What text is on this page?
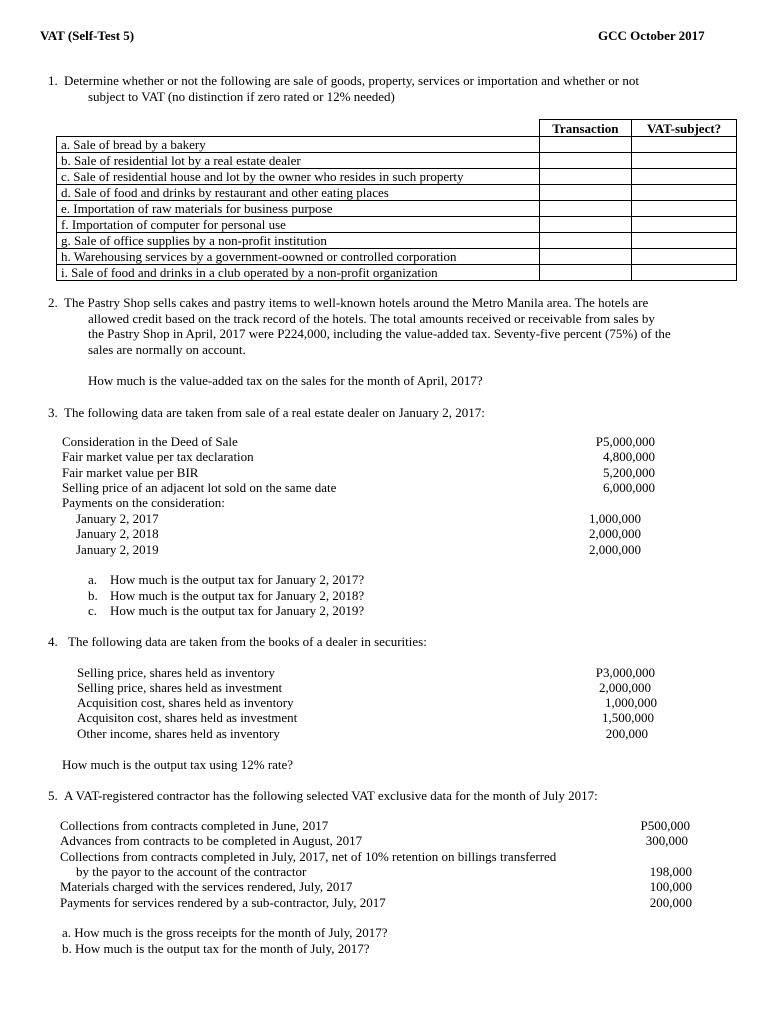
VAT (Self-Test 5)	GCC October 2017
1. Determine whether or not the following are sale of goods, property, services or importation and whether or not
subject to VAT (no distinction if zero rated or 12% needed)
	Transaction	VAT-subject?
a. Sale of bread by a bakery		
b. Sale of residential lot by a real estate dealer		
c. Sale of residential house and lot by the owner who resides in such property		
d. Sale of food and drinks by restaurant and other eating places		
e. Importation of raw materials for business purpose		
f. Importation of computer for personal use		
g. Sale of office supplies by a non-profit institution		
h. Warehousing services by a government-oowned or controlled corporation		
i. Sale of food and drinks in a club operated by a non-profit organization		
2. The Pastry Shop sells cakes and pastry items to well-known hotels around the Metro Manila area. The hotels are
allowed credit based on the track record of the hotels. The total amounts received or receivable from sales by
the Pastry Shop in April, 2017 were P224,000, including the value-added tax. Seventy-five percent (75%) of the
sales are normally on account.
How much is the value-added tax on the sales for the month of April, 2017?
3. The following data are taken from sale of a real estate dealer on January 2, 2017:
Consideration in the Deed of Sale	P5,000,000
Fair market value per tax declaration	4,800,000
Fair market value per BIR	5,200,000
Selling price of an adjacent lot sold on the same date	6,000,000
Payments on the consideration:
January 2, 2017	1,000,000
January 2, 2018	2,000,000
January 2, 2019	2,000,000
a. How much is the output tax for January 2, 2017?
b. How much is the output tax for January 2, 2018?
c. How much is the output tax for January 2, 2019?
4. The following data are taken from the books of a dealer in securities:
Selling price, shares held as inventory	P3,000,000
Selling price, shares held as investment	2,000,000
Acquisition cost, shares held as inventory	1,000,000
Acquisiton cost, shares held as investment	1,500,000
Other income, shares held as inventory	200,000
How much is the output tax using 12% rate?
5. A VAT-registered contractor has the following selected VAT exclusive data for the month of July 2017:
Collections from contracts completed in June, 2017	P500,000
Advances from contracts to be completed in August, 2017	300,000
Collections from contracts completed in July, 2017, net of 10% retention on billings transferred
by the payor to the account of the contractor	198,000
Materials charged with the services rendered, July, 2017	100,000
Payments for services rendered by a sub-contractor, July, 2017	200,000
a. How much is the gross receipts for the month of July, 2017?
b. How much is the output tax for the month of July, 2017?
